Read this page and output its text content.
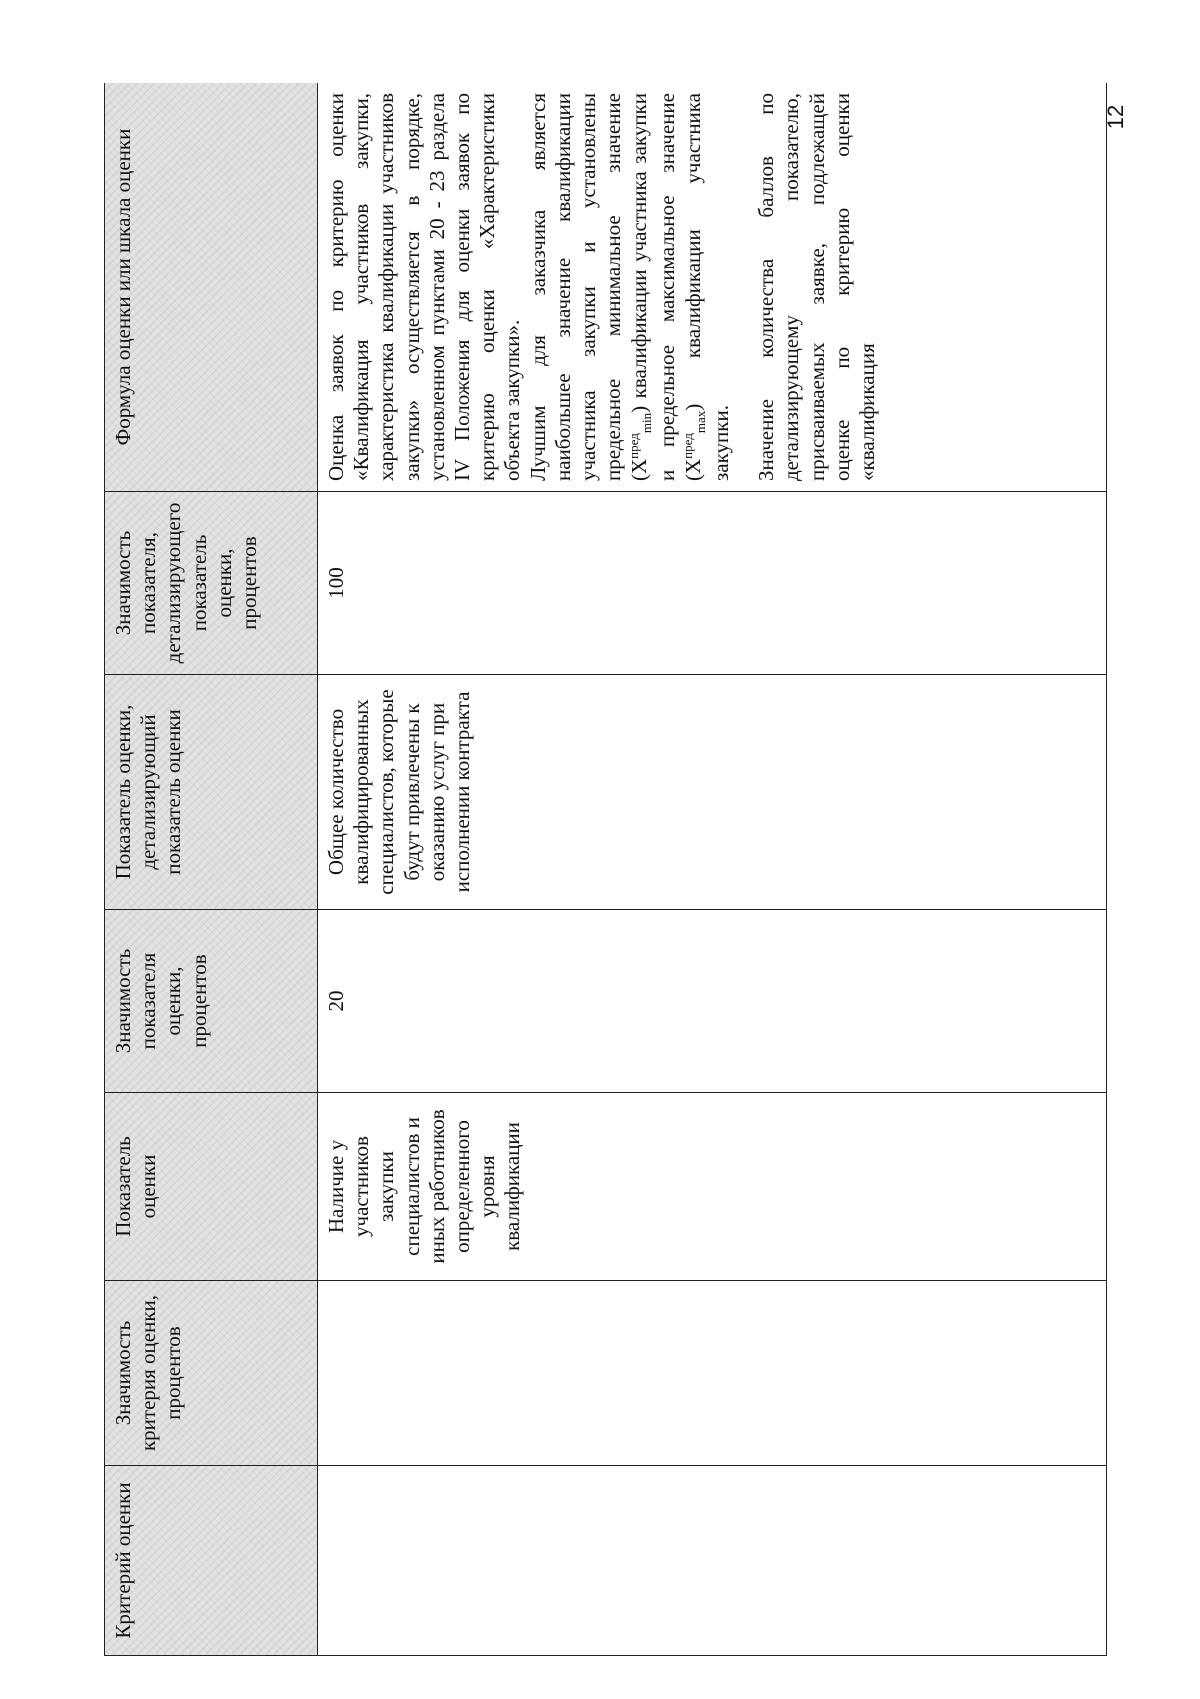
12
Критерий оценки	Значимость критерия оценки, процентов	Показатель оценки	Значимость показателя оценки, процентов	Показатель оценки, детализирующий показатель оценки	Значимость показателя, детализирующего показатель оценки, процентов	Формула оценки или шкала оценки
		Наличие у участников закупки специалистов и иных работников определенного уровня квалификации	20	Общее количество квалифицированных специалистов, которые будут привлечены к оказанию услуг при исполнении контракта	100	Оценка заявок по критерию оценки «Квалификация участников закупки, характеристика квалификации участников закупки» осуществляется в порядке, установленном пунктами 20 - 23 раздела IV Положения для оценки заявок по критерию оценки «Характеристики объекта закупки». Лучшим для заказчика является наибольшее значение квалификации участника закупки и установлены предельное минимальное значение $(X^{пред}_{min})$ квалификации участника закупки и предельное максимальное значение $(X^{пред}_{max})$ квалификации участника закупки. Значение количества баллов по детализирующему показателю, присваиваемых заявке, подлежащей оценке по критерию оценки «квалификация
